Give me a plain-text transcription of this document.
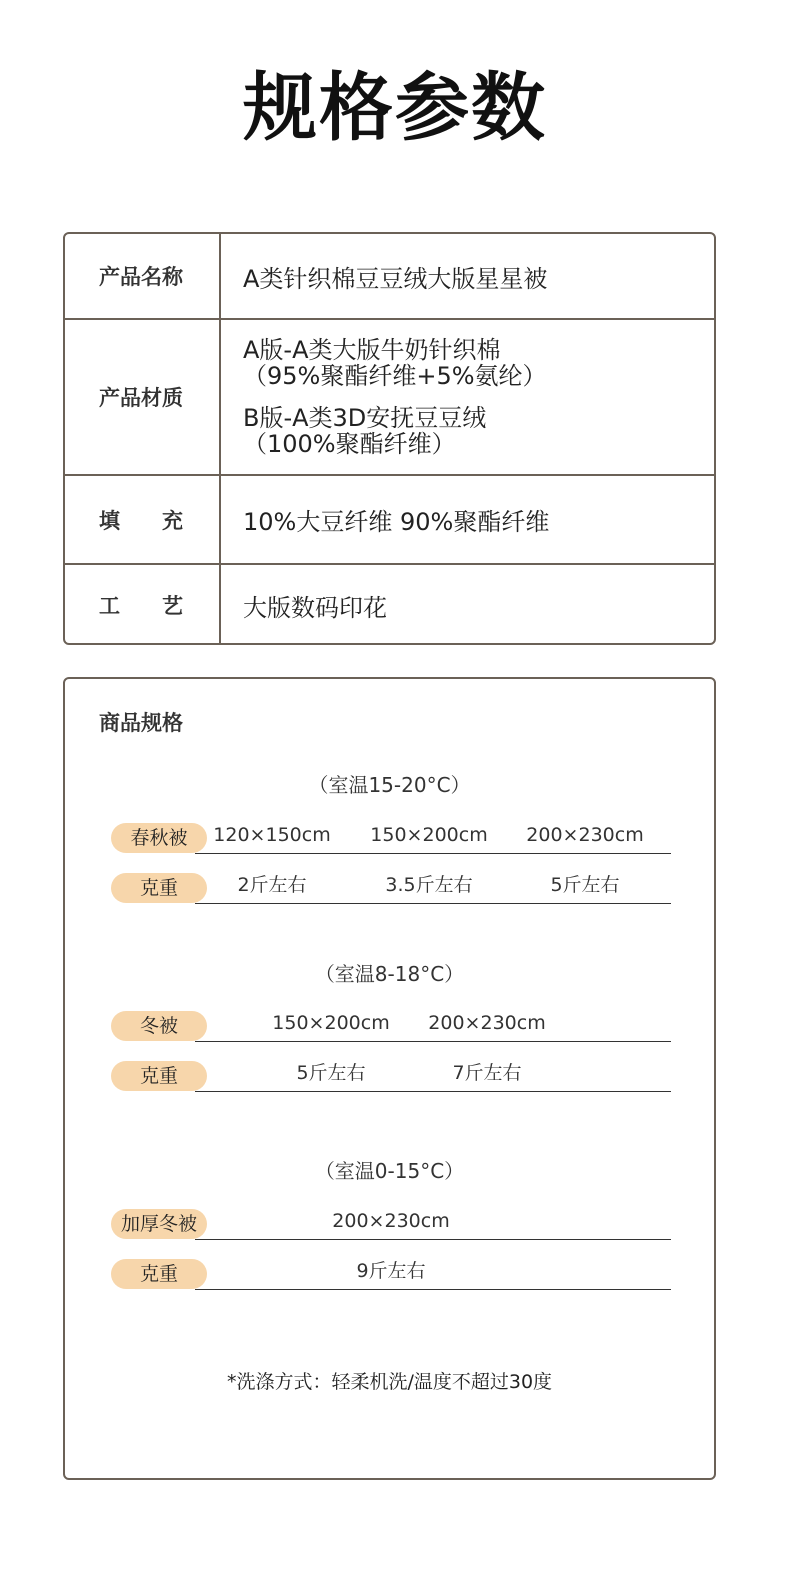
规格参数
产品名称	A类针织棉豆豆绒大版星星被
产品材质
A版-A类大版牛奶针织棉
（95%聚酯纤维+5%氨纶）
B版-A类3D安抚豆豆绒
（100%聚酯纤维）
填 充	10%大豆纤维 90%聚酯纤维
工 艺	大版数码印花
商品规格
（室温15-20°C）
春秋被	120×150cm	150×200cm	200×230cm
克重	2斤左右	3.5斤左右	5斤左右
（室温8-18°C）
冬被	150×200cm	200×230cm
克重	5斤左右	7斤左右
（室温0-15°C）
加厚冬被	200×230cm
克重	9斤左右
*洗涤方式：轻柔机洗/温度不超过30度
